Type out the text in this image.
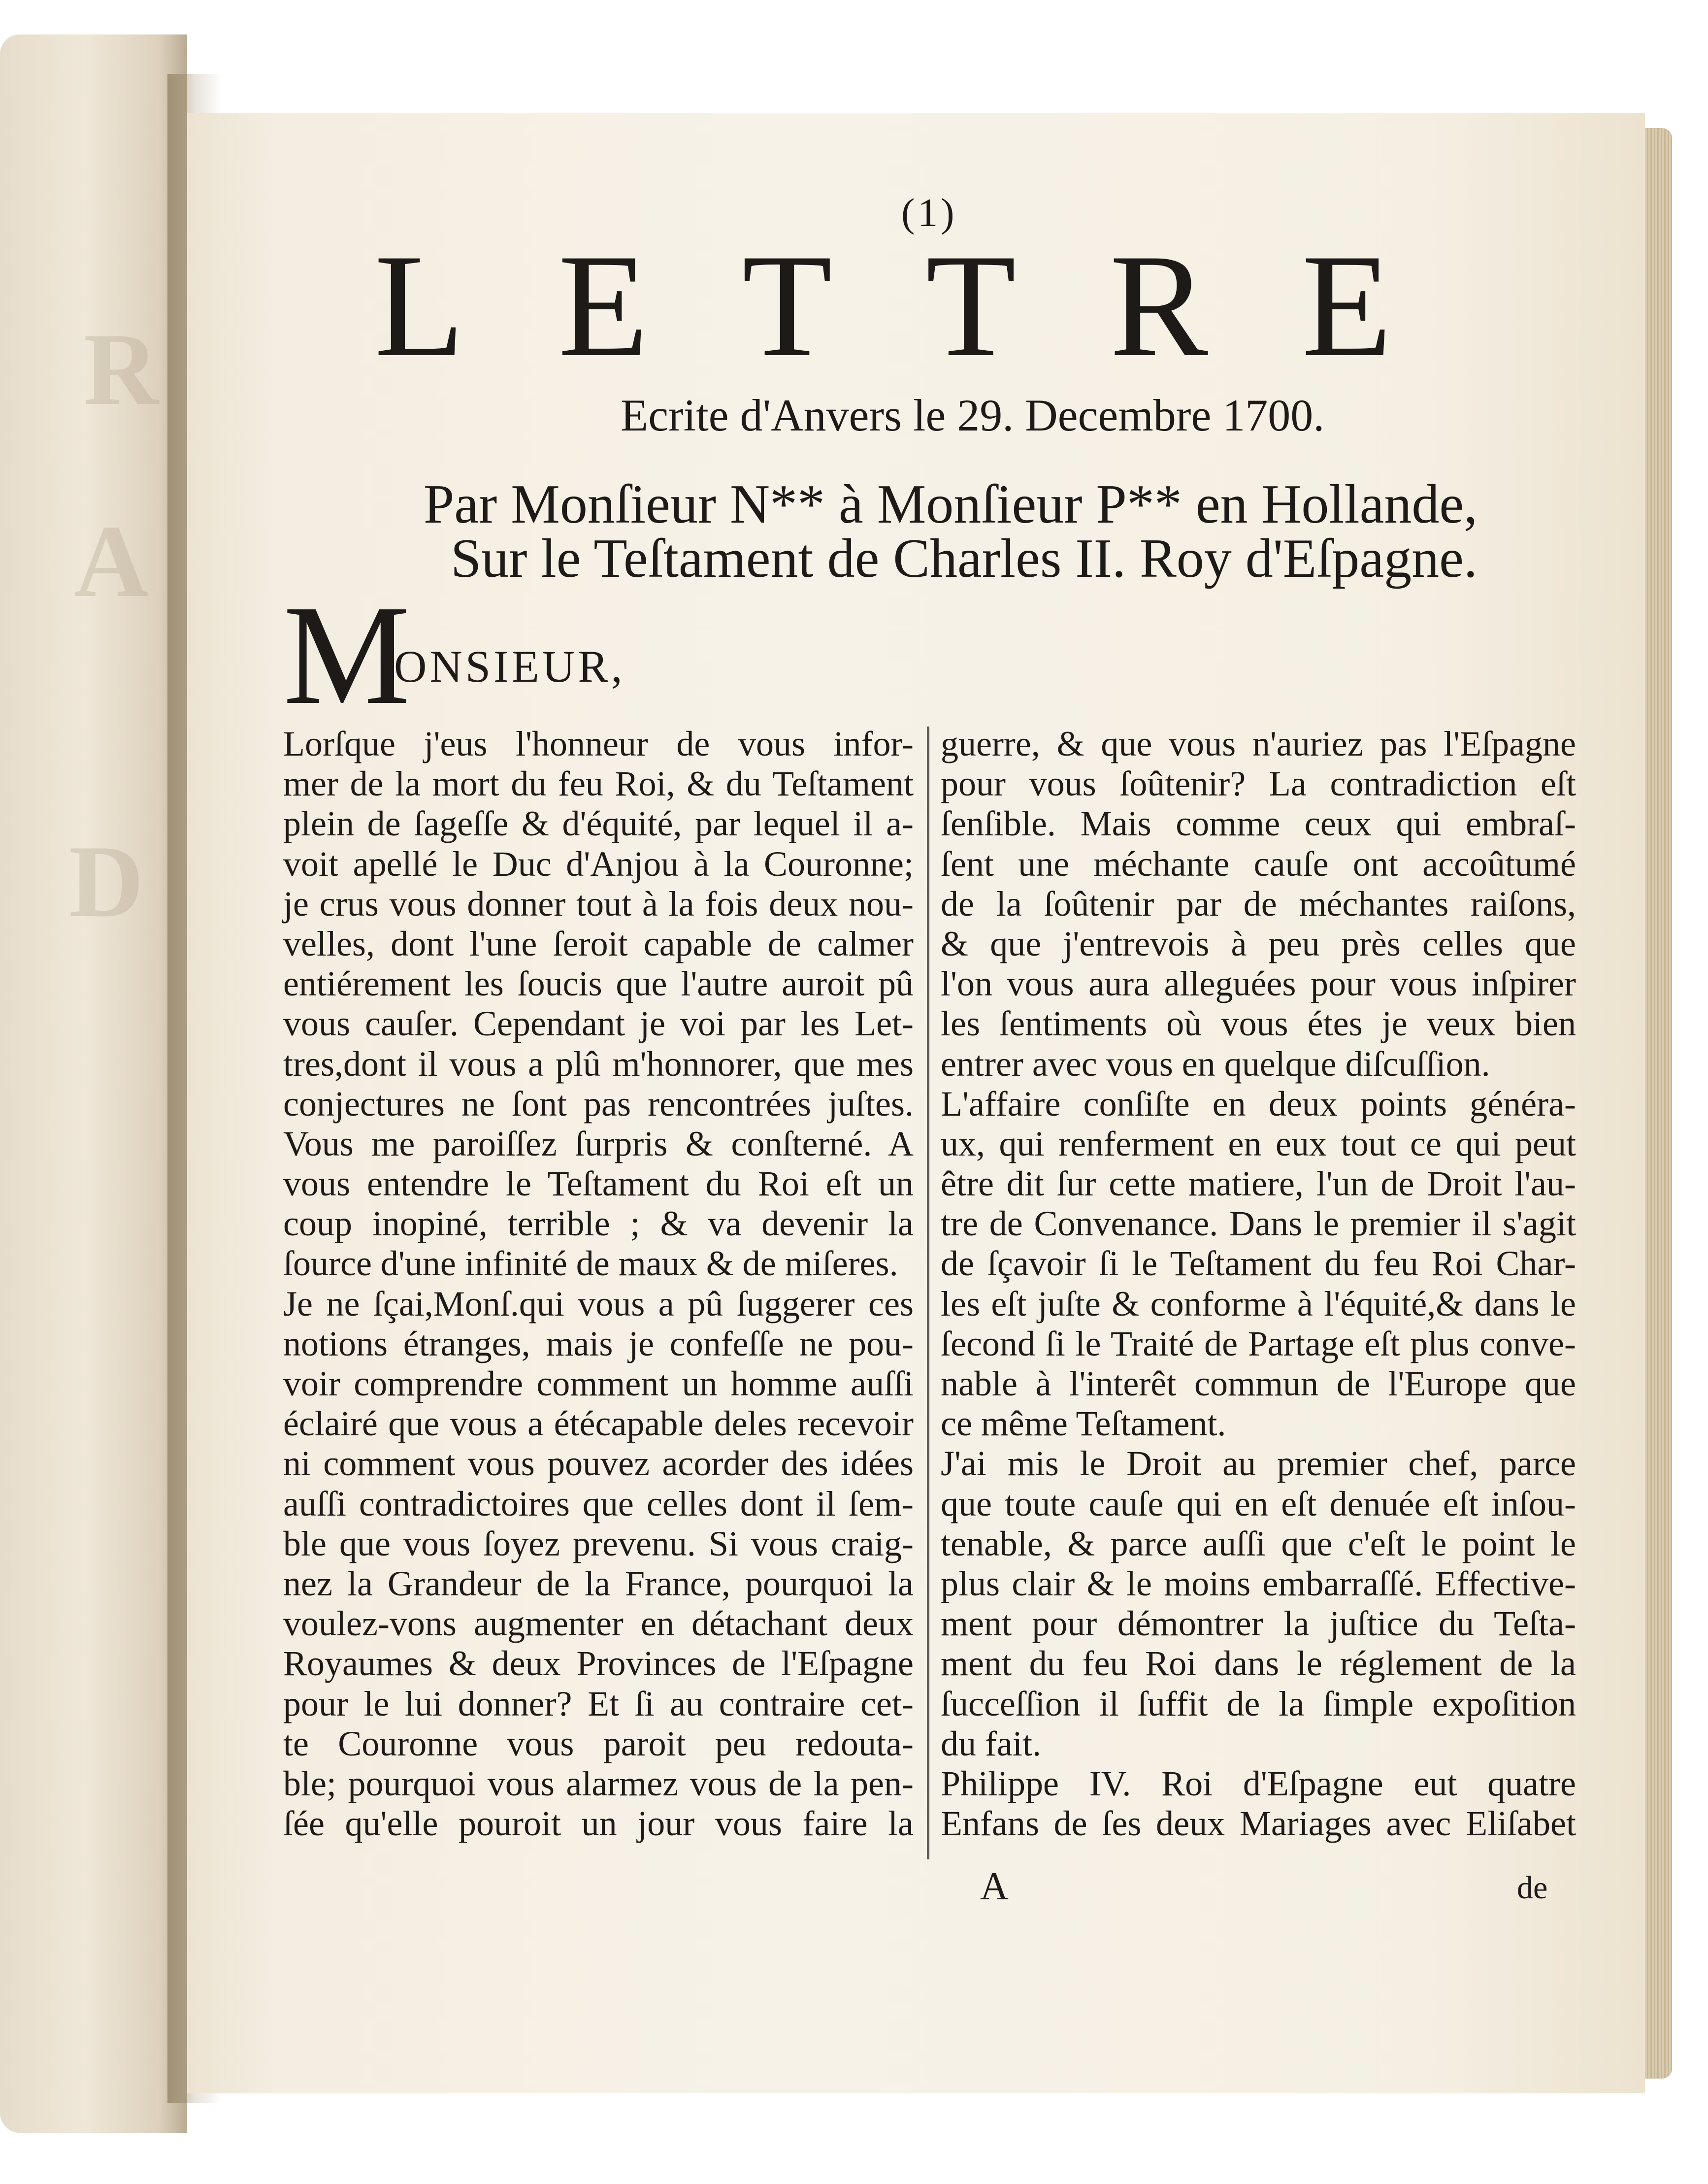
R
A
D
(1)
LETTRE
Ecrite d'Anvers le 29. Decembre 1700.
Par Monſieur N** à Monſieur P** en Hollande,
Sur le Teſtament de Charles II. Roy d'Eſpagne.
M
ONSIEUR,
Lorſque j'eus l'honneur de vous infor-
mer de la mort du feu Roi, & du Teſtament
plein de ſageſſe & d'équité, par lequel il a-
voit apellé le Duc d'Anjou à la Couronne;
je crus vous donner tout à la fois deux nou-
velles, dont l'une ſeroit capable de calmer
entiérement les ſoucis que l'autre auroit pû
vous cauſer. Cependant je voi par les Let-
tres,dont il vous a plû m'honnorer, que mes
conjectures ne ſont pas rencontrées juſtes.
Vous me paroiſſez ſurpris & conſterné. A
vous entendre le Teſtament du Roi eſt un
coup inopiné, terrible ; & va devenir la
ſource d'une infinité de maux & de miſeres.
Je ne ſçai,Monſ.qui vous a pû ſuggerer ces
notions étranges, mais je confeſſe ne pou-
voir comprendre comment un homme auſſi
éclairé que vous a étécapable deles recevoir
ni comment vous pouvez acorder des idées
auſſi contradictoires que celles dont il ſem-
ble que vous ſoyez prevenu. Si vous craig-
nez la Grandeur de la France, pourquoi la
voulez-vons augmenter en détachant deux
Royaumes & deux Provinces de l'Eſpagne
pour le lui donner? Et ſi au contraire cet-
te Couronne vous paroit peu redouta-
ble; pourquoi vous alarmez vous de la pen-
ſée qu'elle pouroit un jour vous faire la
guerre, & que vous n'auriez pas l'Eſpagne
pour vous ſoûtenir? La contradiction eſt
ſenſible. Mais comme ceux qui embraſ-
ſent une méchante cauſe ont accoûtumé
de la ſoûtenir par de méchantes raiſons,
& que j'entrevois à peu près celles que
l'on vous aura alleguées pour vous inſpirer
les ſentiments où vous étes je veux bien
entrer avec vous en quelque diſcuſſion.
L'affaire conſiſte en deux points généra-
ux, qui renferment en eux tout ce qui peut
être dit ſur cette matiere, l'un de Droit l'au-
tre de Convenance. Dans le premier il s'agit
de ſçavoir ſi le Teſtament du feu Roi Char-
les eſt juſte & conforme à l'équité,& dans le
ſecond ſi le Traité de Partage eſt plus conve-
nable à l'interêt commun de l'Europe que
ce même Teſtament.
J'ai mis le Droit au premier chef, parce
que toute cauſe qui en eſt denuée eſt inſou-
tenable, & parce auſſi que c'eſt le point le
plus clair & le moins embarraſſé. Effective-
ment pour démontrer la juſtice du Teſta-
ment du feu Roi dans le réglement de la
ſucceſſion il ſuffit de la ſimple expoſition
du fait.
Philippe IV. Roi d'Eſpagne eut quatre
Enfans de ſes deux Mariages avec Eliſabet
A	de
